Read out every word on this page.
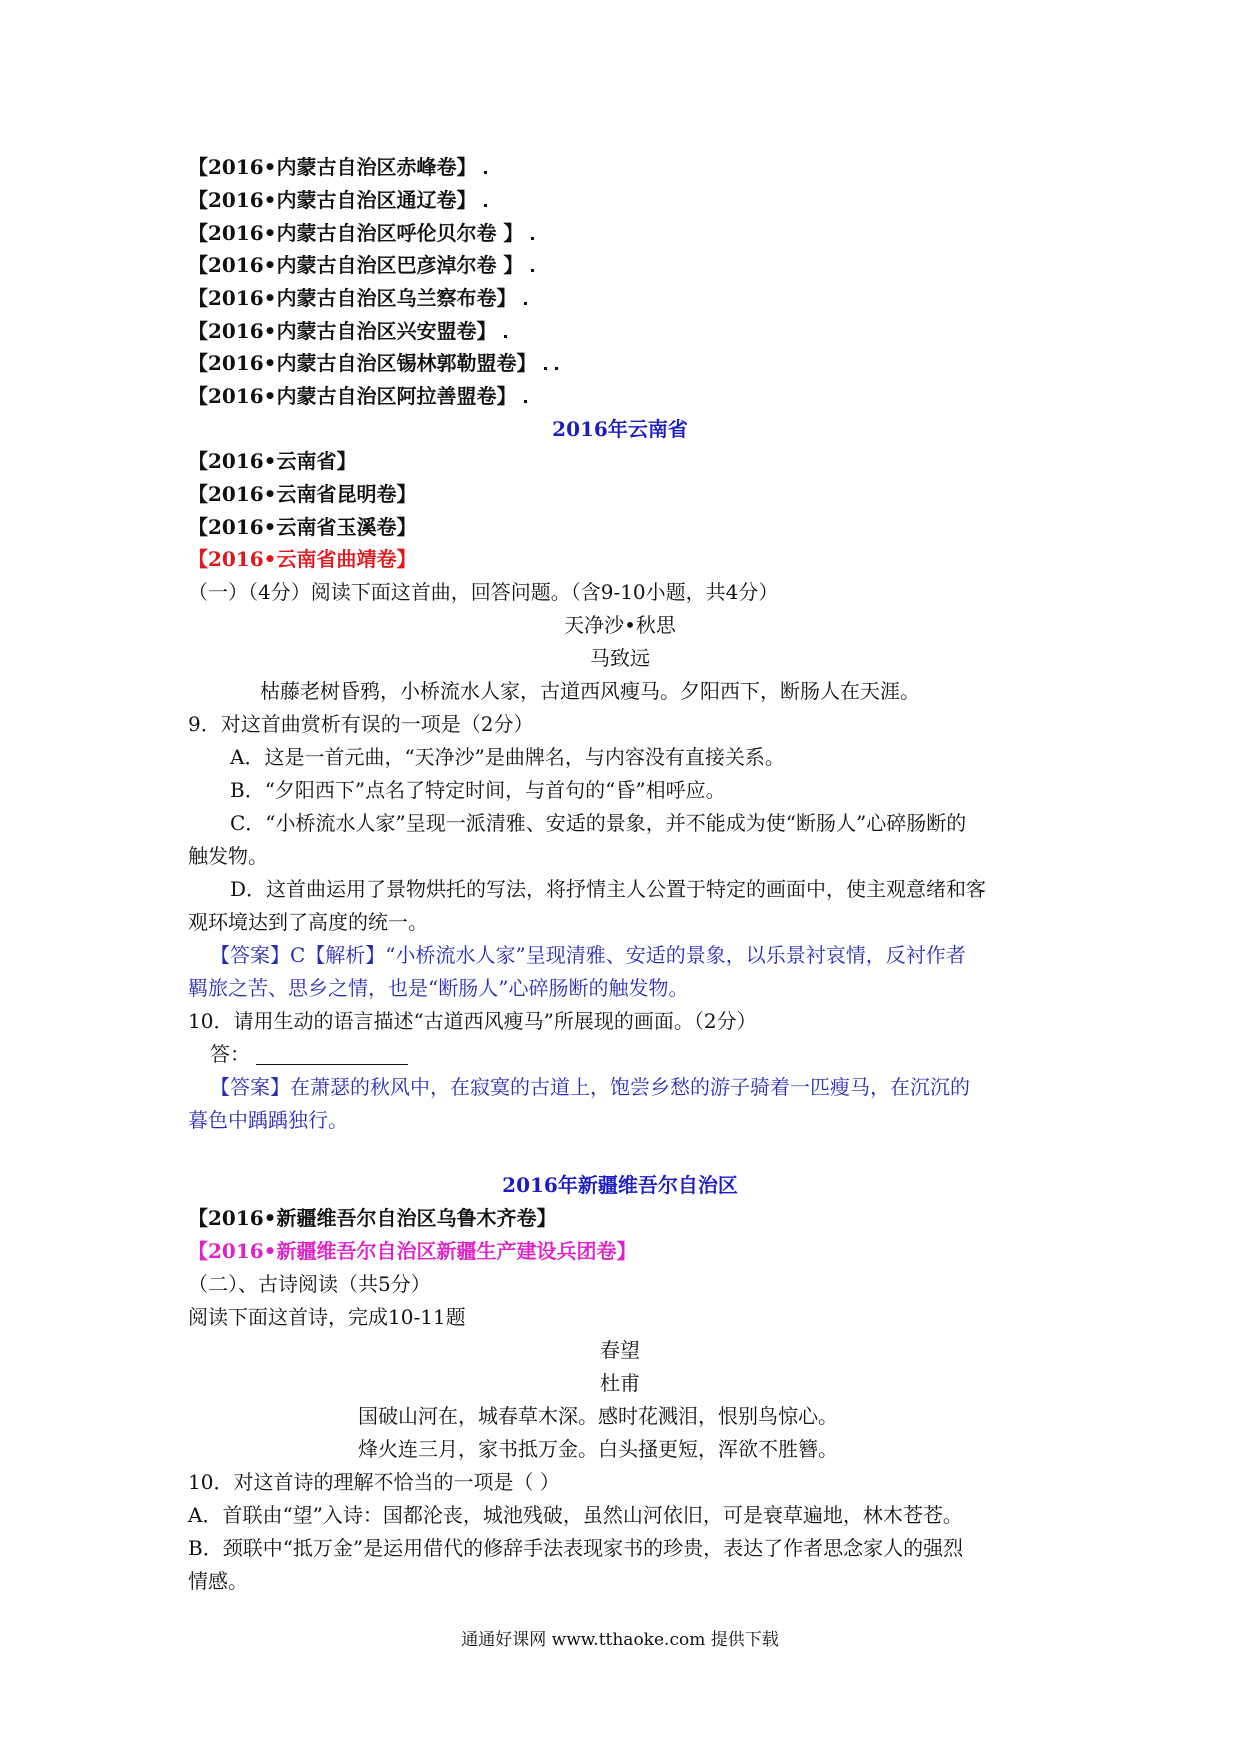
【2016•内蒙古自治区赤峰卷】
【2016•内蒙古自治区通辽卷】
【2016•内蒙古自治区呼伦贝尔卷 】
【2016•内蒙古自治区巴彦淖尔卷 】
【2016•内蒙古自治区乌兰察布卷】
【2016•内蒙古自治区兴安盟卷】
【2016•内蒙古自治区锡林郭勒盟卷】
【2016•内蒙古自治区阿拉善盟卷】
2016年云南省
【2016•云南省】
【2016•云南省昆明卷】
【2016•云南省玉溪卷】
【2016•云南省曲靖卷】
（一）（4分）阅读下面这首曲，回答问题。（含9-10小题，共4分）
天净沙•秋思
马致远
枯藤老树昏鸦，小桥流水人家，古道西风瘦马。夕阳西下，断肠人在天涯。
9．对这首曲赏析有误的一项是（2分）
A．这是一首元曲，“天净沙”是曲牌名，与内容没有直接关系。
B．“夕阳西下”点名了特定时间，与首句的“昏”相呼应。
C．“小桥流水人家”呈现一派清雅、安适的景象，并不能成为使“断肠人”心碎肠断的
触发物。
D．这首曲运用了景物烘托的写法，将抒情主人公置于特定的画面中，使主观意绪和客
观环境达到了高度的统一。
【答案】C【解析】“小桥流水人家”呈现清雅、安适的景象，以乐景衬哀情，反衬作者
羁旅之苦、思乡之情，也是“断肠人”心碎肠断的触发物。
10．请用生动的语言描述“古道西风瘦马”所展现的画面。（2分）
答：
【答案】在萧瑟的秋风中，在寂寞的古道上，饱尝乡愁的游子骑着一匹瘦马，在沉沉的
暮色中踽踽独行。
2016年新疆维吾尔自治区
【2016•新疆维吾尔自治区乌鲁木齐卷】
【2016•新疆维吾尔自治区新疆生产建设兵团卷】
（二）、古诗阅读（共5分）
阅读下面这首诗，完成10-11题
春望
杜甫
国破山河在，城春草木深。感时花溅泪，恨别鸟惊心。
烽火连三月，家书抵万金。白头搔更短，浑欲不胜簪。
10．对这首诗的理解不恰当的一项是（ ）
A．首联由“望”入诗：国都沦丧，城池残破，虽然山河依旧，可是衰草遍地，林木苍苍。
B．颈联中“抵万金”是运用借代的修辞手法表现家书的珍贵，表达了作者思念家人的强烈
情感。
通通好课网 www.tthaoke.com 提供下载
